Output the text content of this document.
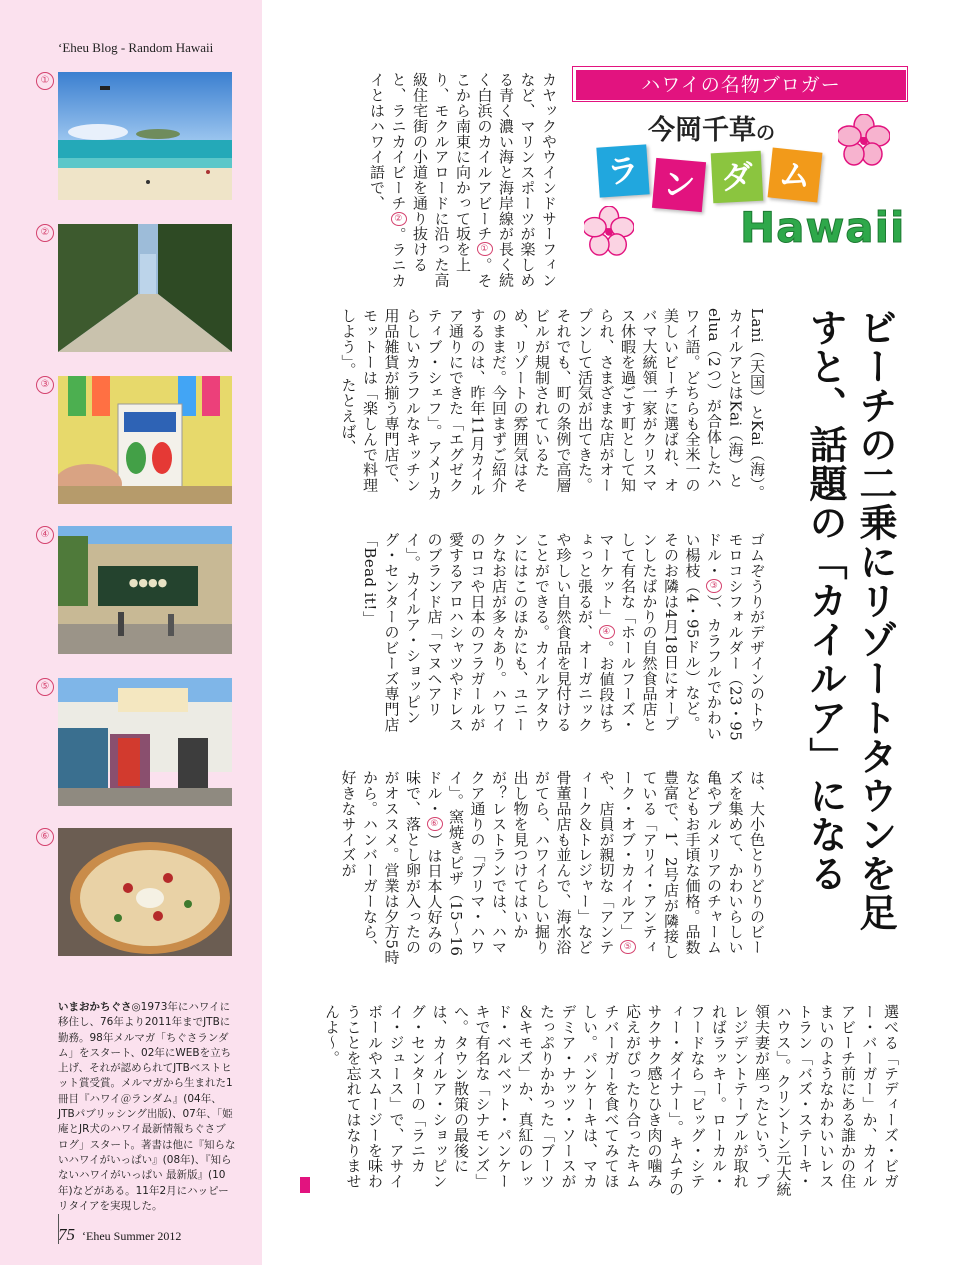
‘Eheu Blog - Random Hawaii
①
②
③
④
●●●●
⑤
⑥
いまおかちぐさ◎1973年にハワイに移住し、76年より2011年までJTBに勤務。98年メルマガ「ちぐさランダム」をスタート、02年にWEBを立ち上げ、それが認められてJTBベストヒット賞受賞。メルマガから生まれた1冊目『ハワイ＠ランダム』(04年、JTBパブリッシング出版)、07年、「姫庵とJR犬のハワイ最新情報ちぐさブログ」スタート。著書は他に『知らないハワイがいっぱい』(08年)、『知らないハワイがいっぱい 最新版』(10年)などがある。11年2月にハッピーリタイアを実現した。
75 ‘Eheu Summer 2012
ハワイの名物ブロガー
今岡千草の
ラ ン ダ ム
Hawaii
ビーチの二乗にリゾートタウンを足すと、話題の「カイルア」になる
カヤックやウインドサーフィンなど、マリンスポーツが楽しめる青く濃い海と海岸線が長く続く白浜のカイルアビーチ①。そこから南東に向かって坂を上り、モクルアロードに沿った高級住宅街の小道を通り抜けると、ラニカイビーチ②。ラニカイとはハワイ語で、
Lani（天国）とKai（海）。カイルアとはKai（海）とelua（2つ）が合体したハワイ語。どちらも全米一の美しいビーチに選ばれ、オバマ大統領一家がクリスマス休暇を過ごす町として知られ、さまざまな店がオープンして活気が出てきた。それでも、町の条例で高層ビルが規制されているため、リゾートの雰囲気はそのままだ。今回まずご紹介するのは、昨年11月カイルア通りにできた「エグゼクティブ・シェフ」。アメリカらしいカラフルなキッチン用品雑貨が揃う専門店で、モットーは「楽しんで料理しよう」。たとえば、
ゴムぞうりがデザインのトウモロコシフォルダー（23・95ドル・③）、カラフルでかわいい楊枝（4・95ドル）など。そのお隣は4月18日にオープンしたばかりの自然食品店として有名な「ホールフーズ・マーケット」④。お値段はちょっと張るが、オーガニックや珍しい自然食品を見付けることができる。カイルアタウンにはこのほかにも、ユニークなお店が多々あり。ハワイのロコや日本のフラガールが愛するアロハシャツやドレスのブランド店「マヌヘアリイ」。カイルア・ショッピング・センターのビーズ専門店「Bead it!」
は、大小色とりどりのビーズを集めて、かわいらしい亀やプルメリアのチャームなどもお手頃な価格。品数豊富で、1、2号店が隣接している「アリイ・アンティーク・オブ・カイルア」⑤や、店員が親切な「アンティーク＆トレジャー」など骨董品店も並んで、海水浴がてら、ハワイらしい掘り出し物を見つけてはいかが？レストランでは、ハマクア通りの「プリマ・ハワイ」。窯焼きピザ（15～16ドル・⑥）は日本人好みの味で、落とし卵が入ったのがオススメ。営業は夕方5時から。ハンバーガーなら、好きなサイズが
選べる「テディーズ・ビガー・バーガー」か、カイルアビーチ前にある誰かの住まいのようなかわいいレストラン「バズ・ステーキ・ハウス」。クリントン元大統領夫妻が座ったという、プレジデントテーブルが取れればラッキー。ローカル・フードなら「ビッグ・シティー・ダイナー」。キムチのサクサク感とひき肉の噛み応えがぴったり合ったキムチバーガーを食べてみてほしい。パンケーキは、マカデミア・ナッツ・ソースがたっぷりかかった「ブーツ＆キモズ」か、真紅のレッド・ベルベット・パンケーキで有名な「シナモンズ」へ。タウン散策の最後には、カイルア・ショッピング・センターの「ラニカイ・ジュース」で、アサイボールやスムージーを味わうことを忘れてはなりませんよ～。
